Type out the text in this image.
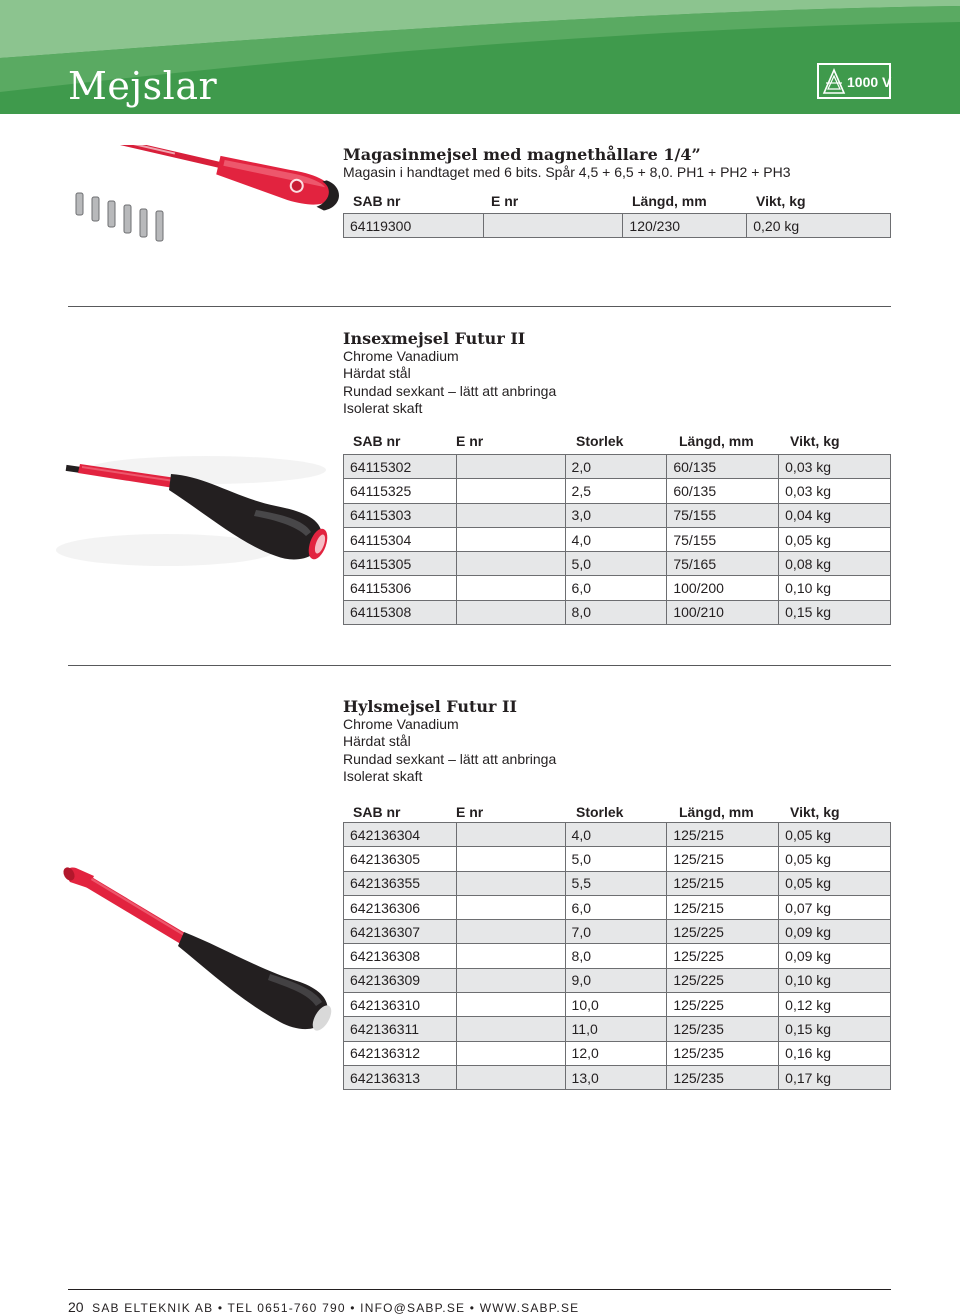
Mejslar	1000 V
Magasinmejsel med magnethållare 1/4”
Magasin i handtaget med 6 bits. Spår 4,5 + 6,5 + 8,0. PH1 + PH2 + PH3
SAB nr	E nr	Längd, mm	Vikt, kg
64119300		120/230	0,20 kg
Insexmejsel Futur II
Chrome Vanadium
Härdat stål
Rundad sexkant – lätt att anbringa
Isolerat skaft
SAB nr	E nr	Storlek	Längd, mm	Vikt, kg
64115302		2,0	60/135	0,03 kg
64115325		2,5	60/135	0,03 kg
64115303		3,0	75/155	0,04 kg
64115304		4,0	75/155	0,05 kg
64115305		5,0	75/165	0,08 kg
64115306		6,0	100/200	0,10 kg
64115308		8,0	100/210	0,15 kg
Hylsmejsel Futur II
Chrome Vanadium
Härdat stål
Rundad sexkant – lätt att anbringa
Isolerat skaft
SAB nr	E nr	Storlek	Längd, mm	Vikt, kg
642136304		4,0	125/215	0,05 kg
642136305		5,0	125/215	0,05 kg
642136355		5,5	125/215	0,05 kg
642136306		6,0	125/215	0,07 kg
642136307		7,0	125/225	0,09 kg
642136308		8,0	125/225	0,09 kg
642136309		9,0	125/225	0,10 kg
642136310		10,0	125/225	0,12 kg
642136311		11,0	125/235	0,15 kg
642136312		12,0	125/235	0,16 kg
642136313		13,0	125/235	0,17 kg
20 SAB ELTEKNIK AB • TEL 0651-760 790 • INFO@SABP.SE • WWW.SABP.SE
